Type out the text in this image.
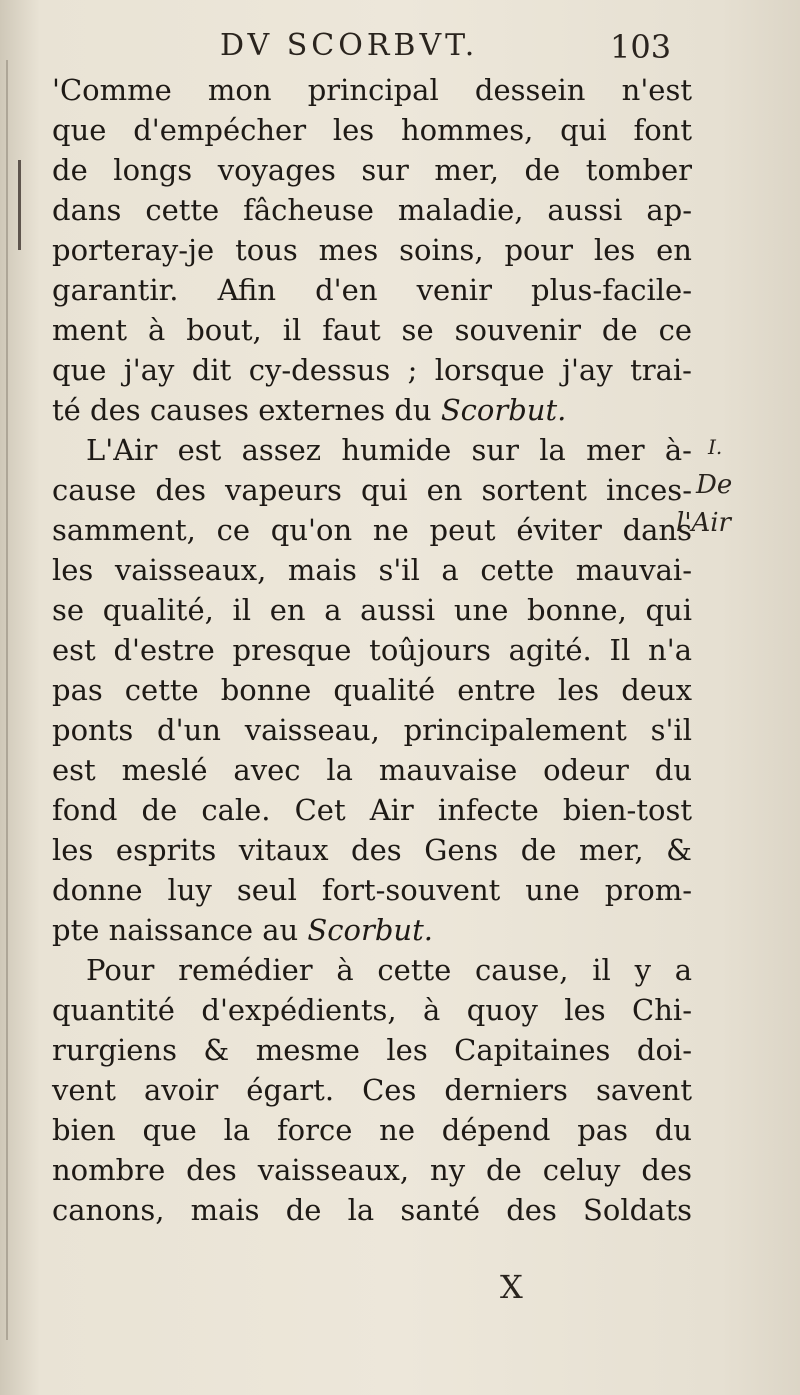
DV SCORBVT.	103
'Comme mon principal dessein n'est
que d'empécher les hommes, qui font
de longs voyages sur mer, de tomber
dans cette fâcheuse maladie, aussi ap-
porteray-je tous mes soins, pour les en
garantir. Afin d'en venir plus-facile-
ment à bout, il faut se souvenir de ce
que j'ay dit cy-dessus ; lorsque j'ay trai-
té des causes externes du Scorbut.
L'Air est assez humide sur la mer à-
cause des vapeurs qui en sortent inces-
samment, ce qu'on ne peut éviter dans
les vaisseaux, mais s'il a cette mauvai-
se qualité, il en a aussi une bonne, qui
est d'estre presque toûjours agité. Il n'a
pas cette bonne qualité entre les deux
ponts d'un vaisseau, principalement s'il
est meslé avec la mauvaise odeur du
fond de cale. Cet Air infecte bien-tost
les esprits vitaux des Gens de mer, &
donne luy seul fort-souvent une prom-
pte naissance au Scorbut.
Pour remédier à cette cause, il y a
quantité d'expédients, à quoy les Chi-
rurgiens & mesme les Capitaines doi-
vent avoir égart. Ces derniers savent
bien que la force ne dépend pas du
nombre des vaisseaux, ny de celuy des
canons, mais de la santé des Soldats
I.
De
l'Air
X
